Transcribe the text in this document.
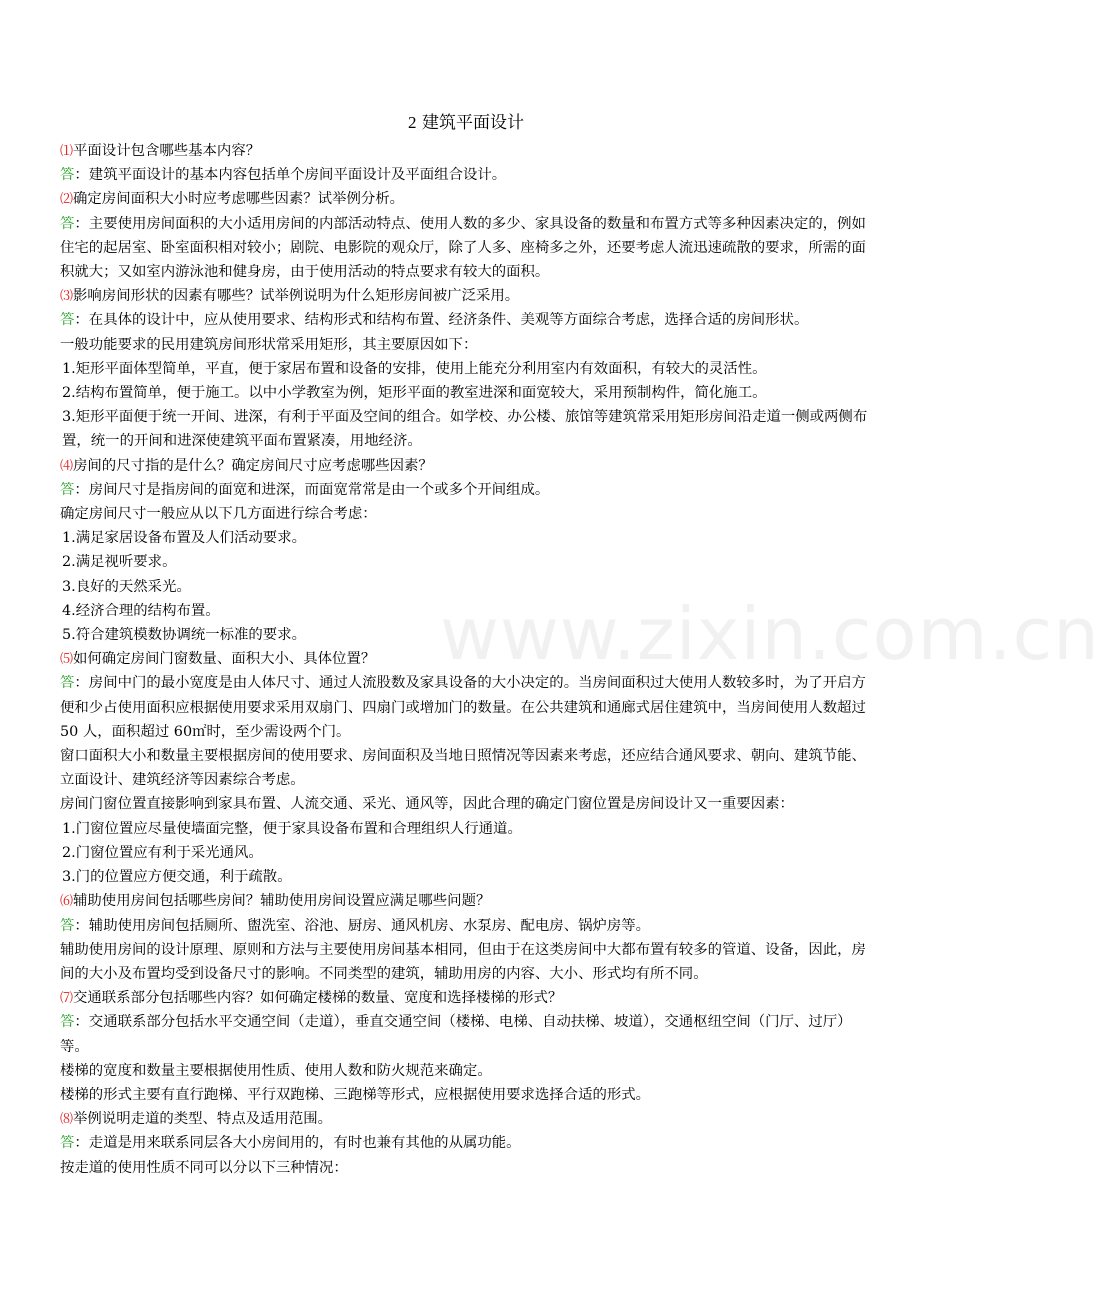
www.zixin.com.cn
2 建筑平面设计

⑴平面设计包含哪些基本内容？

答：建筑平面设计的基本内容包括单个房间平面设计及平面组合设计。

⑵确定房间面积大小时应考虑哪些因素？试举例分析。

答：主要使用房间面积的大小适用房间的内部活动特点、使用人数的多少、家具设备的数量和布置方式等多种因素决定的，例如住宅的起居室、卧室面积相对较小；剧院、电影院的观众厅，除了人多、座椅多之外，还要考虑人流迅速疏散的要求，所需的面积就大；又如室内游泳池和健身房，由于使用活动的特点要求有较大的面积。

⑶影响房间形状的因素有哪些？试举例说明为什么矩形房间被广泛采用。

答：在具体的设计中，应从使用要求、结构形式和结构布置、经济条件、美观等方面综合考虑，选择合适的房间形状。

一般功能要求的民用建筑房间形状常采用矩形，其主要原因如下：

1.矩形平面体型简单，平直，便于家居布置和设备的安排，使用上能充分利用室内有效面积，有较大的灵活性。

2.结构布置简单，便于施工。以中小学教室为例，矩形平面的教室进深和面宽较大，采用预制构件，简化施工。

3.矩形平面便于统一开间、进深，有利于平面及空间的组合。如学校、办公楼、旅馆等建筑常采用矩形房间沿走道一侧或两侧布置，统一的开间和进深使建筑平面布置紧凑，用地经济。

⑷房间的尺寸指的是什么？确定房间尺寸应考虑哪些因素？

答：房间尺寸是指房间的面宽和进深，而面宽常常是由一个或多个开间组成。

确定房间尺寸一般应从以下几方面进行综合考虑：

1.满足家居设备布置及人们活动要求。

2.满足视听要求。

3.良好的天然采光。

4.经济合理的结构布置。

5.符合建筑模数协调统一标准的要求。

⑸如何确定房间门窗数量、面积大小、具体位置？

答：房间中门的最小宽度是由人体尺寸、通过人流股数及家具设备的大小决定的。当房间面积过大使用人数较多时，为了开启方便和少占使用面积应根据使用要求采用双扇门、四扇门或增加门的数量。在公共建筑和通廊式居住建筑中，当房间使用人数超过 50 人，面积超过 60㎡时，至少需设两个门。

窗口面积大小和数量主要根据房间的使用要求、房间面积及当地日照情况等因素来考虑，还应结合通风要求、朝向、建筑节能、立面设计、建筑经济等因素综合考虑。

房间门窗位置直接影响到家具布置、人流交通、采光、通风等，因此合理的确定门窗位置是房间设计又一重要因素：

1.门窗位置应尽量使墙面完整，便于家具设备布置和合理组织人行通道。

2.门窗位置应有利于采光通风。

3.门的位置应方便交通，利于疏散。

⑹辅助使用房间包括哪些房间？辅助使用房间设置应满足哪些问题？

答：辅助使用房间包括厕所、盥洗室、浴池、厨房、通风机房、水泵房、配电房、锅炉房等。

辅助使用房间的设计原理、原则和方法与主要使用房间基本相同，但由于在这类房间中大都布置有较多的管道、设备，因此，房间的大小及布置均受到设备尺寸的影响。不同类型的建筑，辅助用房的内容、大小、形式均有所不同。

⑺交通联系部分包括哪些内容？如何确定楼梯的数量、宽度和选择楼梯的形式？

答：交通联系部分包括水平交通空间（走道），垂直交通空间（楼梯、电梯、自动扶梯、坡道），交通枢纽空间（门厅、过厅）等。

楼梯的宽度和数量主要根据使用性质、使用人数和防火规范来确定。

楼梯的形式主要有直行跑梯、平行双跑梯、三跑梯等形式，应根据使用要求选择合适的形式。

⑻举例说明走道的类型、特点及适用范围。

答：走道是用来联系同层各大小房间用的，有时也兼有其他的从属功能。

按走道的使用性质不同可以分以下三种情况：
